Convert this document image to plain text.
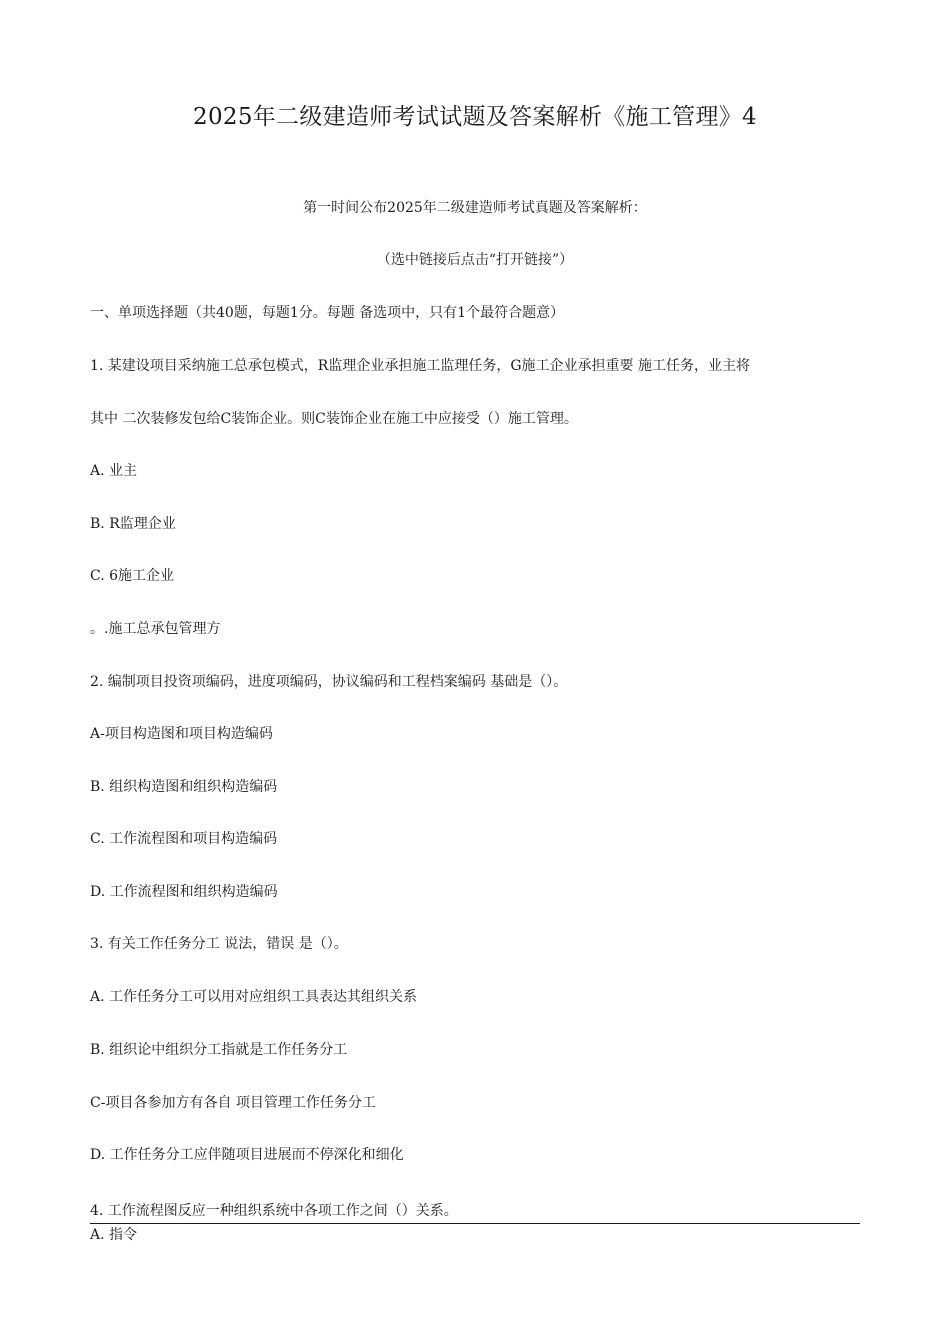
2025年二级建造师考试试题及答案解析《施工管理》4
第一时间公布2025年二级建造师考试真题及答案解析：
（选中链接后点击“打开链接”）
一、单项选择题（共40题，每题1分。每题 备选项中，只有1个最符合题意）
1. 某建设项目采纳施工总承包模式，R监理企业承担施工监理任务，G施工企业承担重要 施工任务，业主将
其中 二次装修发包给C装饰企业。则C装饰企业在施工中应接受（）施工管理。
A. 业主
B. R监理企业
C. 6施工企业
。.施工总承包管理方
2. 编制项目投资项编码，进度项编码，协议编码和工程档案编码 基础是（）。
A-项目构造图和项目构造编码
B. 组织构造图和组织构造编码
C. 工作流程图和项目构造编码
D. 工作流程图和组织构造编码
3. 有关工作任务分工 说法，错误 是（）。
A. 工作任务分工可以用对应组织工具表达其组织关系
B. 组织论中组织分工指就是工作任务分工
C-项目各参加方有各自 项目管理工作任务分工
D. 工作任务分工应伴随项目进展而不停深化和细化
4. 工作流程图反应一种组织系统中各项工作之间（）关系。
A. 指令
